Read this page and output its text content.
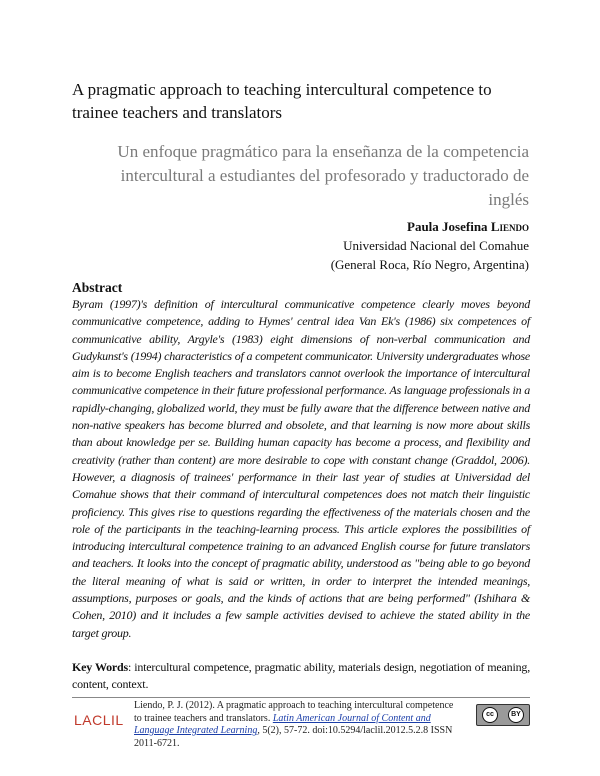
A pragmatic approach to teaching intercultural competence to trainee teachers and translators
Un enfoque pragmático para la enseñanza de la competencia intercultural a estudiantes del profesorado y traductorado de inglés
Paula Josefina Liendo
Universidad Nacional del Comahue
(General Roca, Río Negro, Argentina)
Abstract
Byram (1997)'s definition of intercultural communicative competence clearly moves beyond communicative competence, adding to Hymes' central idea Van Ek's (1986) six competences of communicative ability, Argyle's (1983) eight dimensions of non-verbal communication and Gudykunst's (1994) characteristics of a competent communicator. University undergraduates whose aim is to become English teachers and translators cannot overlook the importance of intercultural communicative competence in their future professional performance. As language professionals in a rapidly-changing, globalized world, they must be fully aware that the difference between native and non-native speakers has become blurred and obsolete, and that learning is now more about skills than about knowledge per se. Building human capacity has become a process, and flexibility and creativity (rather than content) are more desirable to cope with constant change (Graddol, 2006). However, a diagnosis of trainees' performance in their last year of studies at Universidad del Comahue shows that their command of intercultural competences does not match their linguistic proficiency. This gives rise to questions regarding the effectiveness of the materials chosen and the role of the participants in the teaching-learning process. This article explores the possibilities of introducing intercultural competence training to an advanced English course for future translators and teachers. It looks into the concept of pragmatic ability, understood as "being able to go beyond the literal meaning of what is said or written, in order to interpret the intended meanings, assumptions, purposes or goals, and the kinds of actions that are being performed" (Ishihara & Cohen, 2010) and it includes a few sample activities devised to achieve the stated ability in the target group.
Key Words: intercultural competence, pragmatic ability, materials design, negotiation of meaning, content, context.
LACLIL
Liendo, P. J. (2012). A pragmatic approach to teaching intercultural competence to trainee teachers and translators. Latin American Journal of Content and Language Integrated Learning, 5(2), 57-72. doi:10.5294/laclil.2012.5.2.8 ISSN 2011-6721.
cc	BY
